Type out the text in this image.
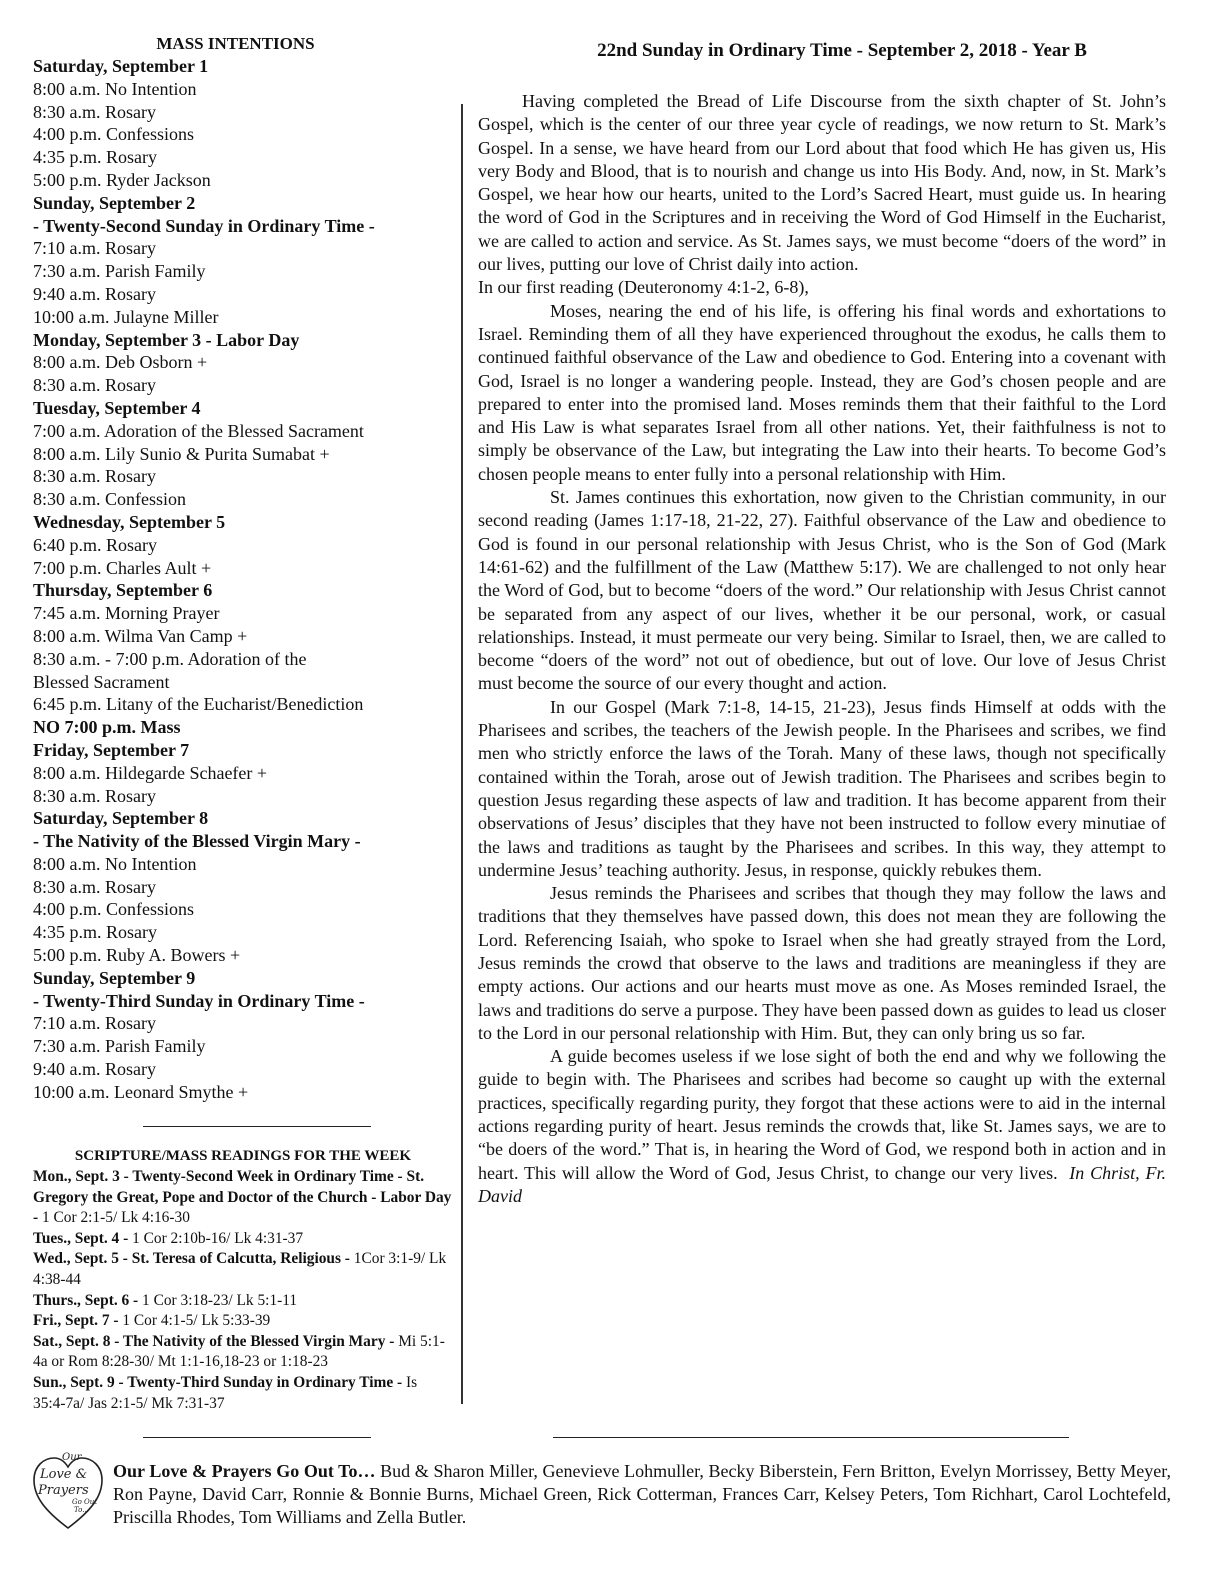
MASS INTENTIONS
Saturday, September 1
8:00 a.m. No Intention
8:30 a.m. Rosary
4:00 p.m. Confessions
4:35 p.m. Rosary
5:00 p.m. Ryder Jackson
Sunday, September 2
- Twenty-Second Sunday in Ordinary Time -
7:10 a.m. Rosary
7:30 a.m. Parish Family
9:40 a.m. Rosary
10:00 a.m. Julayne Miller
Monday, September 3 - Labor Day
8:00 a.m. Deb Osborn +
8:30 a.m. Rosary
Tuesday, September 4
7:00 a.m. Adoration of the Blessed Sacrament
8:00 a.m. Lily Sunio & Purita Sumabat +
8:30 a.m. Rosary
8:30 a.m. Confession
Wednesday, September 5
6:40 p.m. Rosary
7:00 p.m. Charles Ault +
Thursday, September 6
7:45 a.m. Morning Prayer
8:00 a.m. Wilma Van Camp +
8:30 a.m. - 7:00 p.m. Adoration of the
Blessed Sacrament
6:45 p.m. Litany of the Eucharist/Benediction
NO 7:00 p.m. Mass
Friday, September 7
8:00 a.m. Hildegarde Schaefer +
8:30 a.m. Rosary
Saturday, September 8
- The Nativity of the Blessed Virgin Mary -
8:00 a.m. No Intention
8:30 a.m. Rosary
4:00 p.m. Confessions
4:35 p.m. Rosary
5:00 p.m. Ruby A. Bowers +
Sunday, September 9
- Twenty-Third Sunday in Ordinary Time -
7:10 a.m. Rosary
7:30 a.m. Parish Family
9:40 a.m. Rosary
10:00 a.m. Leonard Smythe +
SCRIPTURE/MASS READINGS FOR THE WEEK

Mon., Sept. 3 - Twenty-Second Week in Ordinary Time - St. Gregory the Great, Pope and Doctor of the Church - Labor Day - 1 Cor 2:1-5/ Lk 4:16-30

Tues., Sept. 4 - 1 Cor 2:10b-16/ Lk 4:31-37

Wed., Sept. 5 - St. Teresa of Calcutta, Religious - 1Cor 3:1-9/ Lk 4:38-44

Thurs., Sept. 6 - 1 Cor 3:18-23/ Lk 5:1-11

Fri., Sept. 7 - 1 Cor 4:1-5/ Lk 5:33-39

Sat., Sept. 8 - The Nativity of the Blessed Virgin Mary - Mi 5:1-4a or Rom 8:28-30/ Mt 1:1-16,18-23 or 1:18-23

Sun., Sept. 9 - Twenty-Third Sunday in Ordinary Time - Is 35:4-7a/ Jas 2:1-5/ Mk 7:31-37

22nd Sunday in Ordinary Time - September 2, 2018 - Year B

Having completed the Bread of Life Discourse from the sixth chapter of St. John’s Gospel, which is the center of our three year cycle of readings, we now return to St. Mark’s Gospel. In a sense, we have heard from our Lord about that food which He has given us, His very Body and Blood, that is to nourish and change us into His Body. And, now, in St. Mark’s Gospel, we hear how our hearts, united to the Lord’s Sacred Heart, must guide us. In hearing the word of God in the Scriptures and in receiving the Word of God Himself in the Eucharist, we are called to action and service. As St. James says, we must become “doers of the word” in our lives, putting our love of Christ daily into action.

In our first reading (Deuteronomy 4:1-2, 6-8),

Moses, nearing the end of his life, is offering his final words and exhortations to Israel. Reminding them of all they have experienced throughout the exodus, he calls them to continued faithful observance of the Law and obedience to God. Entering into a covenant with God, Israel is no longer a wandering people. Instead, they are God’s chosen people and are prepared to enter into the promised land. Moses reminds them that their faithful to the Lord and His Law is what separates Israel from all other nations. Yet, their faithfulness is not to simply be observance of the Law, but integrating the Law into their hearts. To become God’s chosen people means to enter fully into a personal relationship with Him.

St. James continues this exhortation, now given to the Christian community, in our second reading (James 1:17-18, 21-22, 27). Faithful observance of the Law and obedience to God is found in our personal relationship with Jesus Christ, who is the Son of God (Mark 14:61-62) and the fulfillment of the Law (Matthew 5:17). We are challenged to not only hear the Word of God, but to become “doers of the word.” Our relationship with Jesus Christ cannot be separated from any aspect of our lives, whether it be our personal, work, or casual relationships. Instead, it must permeate our very being. Similar to Israel, then, we are called to become “doers of the word” not out of obedience, but out of love. Our love of Jesus Christ must become the source of our every thought and action.

In our Gospel (Mark 7:1-8, 14-15, 21-23), Jesus finds Himself at odds with the Pharisees and scribes, the teachers of the Jewish people. In the Pharisees and scribes, we find men who strictly enforce the laws of the Torah. Many of these laws, though not specifically contained within the Torah, arose out of Jewish tradition. The Pharisees and scribes begin to question Jesus regarding these aspects of law and tradition. It has become apparent from their observations of Jesus’ disciples that they have not been instructed to follow every minutiae of the laws and traditions as taught by the Pharisees and scribes. In this way, they attempt to undermine Jesus’ teaching authority. Jesus, in response, quickly rebukes them.

Jesus reminds the Pharisees and scribes that though they may follow the laws and traditions that they themselves have passed down, this does not mean they are following the Lord. Referencing Isaiah, who spoke to Israel when she had greatly strayed from the Lord, Jesus reminds the crowd that observe to the laws and traditions are meaningless if they are empty actions. Our actions and our hearts must move as one. As Moses reminded Israel, the laws and traditions do serve a purpose. They have been passed down as guides to lead us closer to the Lord in our personal relationship with Him. But, they can only bring us so far.

A guide becomes useless if we lose sight of both the end and why we following the guide to begin with. The Pharisees and scribes had become so caught up with the external practices, specifically regarding purity, they forgot that these actions were to aid in the internal actions regarding purity of heart. Jesus reminds the crowds that, like St. James says, we are to “be doers of the word.” That is, in hearing the Word of God, we respond both in action and in heart. This will allow the Word of God, Jesus Christ, to change our very lives. In Christ, Fr. David

Our
Love &
Prayers
Go Out
To...
Our Love & Prayers Go Out To… Bud & Sharon Miller, Genevieve Lohmuller, Becky Biberstein, Fern Britton, Evelyn Morrissey, Betty Meyer, Ron Payne, David Carr, Ronnie & Bonnie Burns, Michael Green, Rick Cotterman, Frances Carr, Kelsey Peters, Tom Richhart, Carol Lochtefeld, Priscilla Rhodes, Tom Williams and Zella Butler.
